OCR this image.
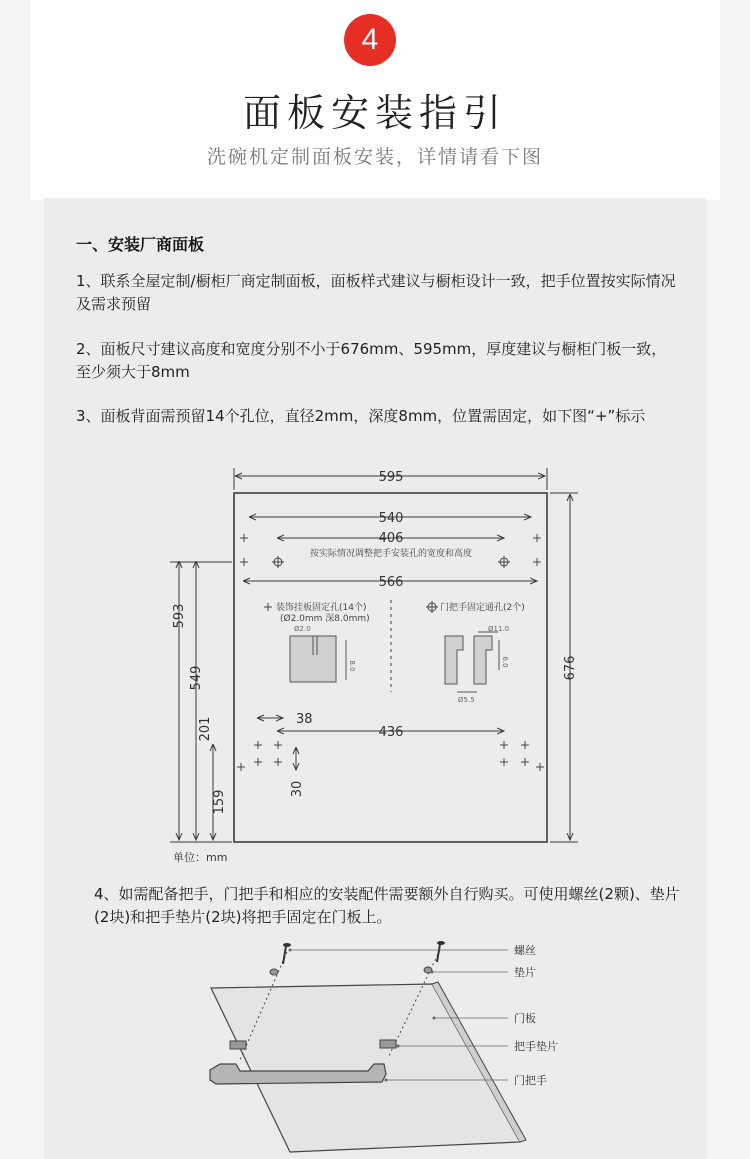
4
面板安装指引
洗碗机定制面板安装，详情请看下图
一、安装厂商面板

1、联系全屋定制/橱柜厂商定制面板，面板样式建议与橱柜设计一致，把手位置按实际情况及需求预留

2、面板尺寸建议高度和宽度分别不小于676mm、595mm，厚度建议与橱柜门板一致，至少须大于8mm

3、面板背面需预留14个孔位，直径2mm，深度8mm，位置需固定，如下图“+”标示

595
540
406
按实际情况调整把手安装孔的宽度和高度
566
装饰挂板固定孔(14个)
(Ø2.0mm 深8.0mm)
门把手固定通孔(2个)
Ø2.0
8.0
Ø11.0
6.0
Ø5.5
593
549
201
159
676
38
436
30
单位：mm

4、如需配备把手，门把手和相应的安装配件需要额外自行购买。可使用螺丝(2颗)、垫片(2块)和把手垫片(2块)将把手固定在门板上。

螺丝
垫片
门板
把手垫片
门把手
